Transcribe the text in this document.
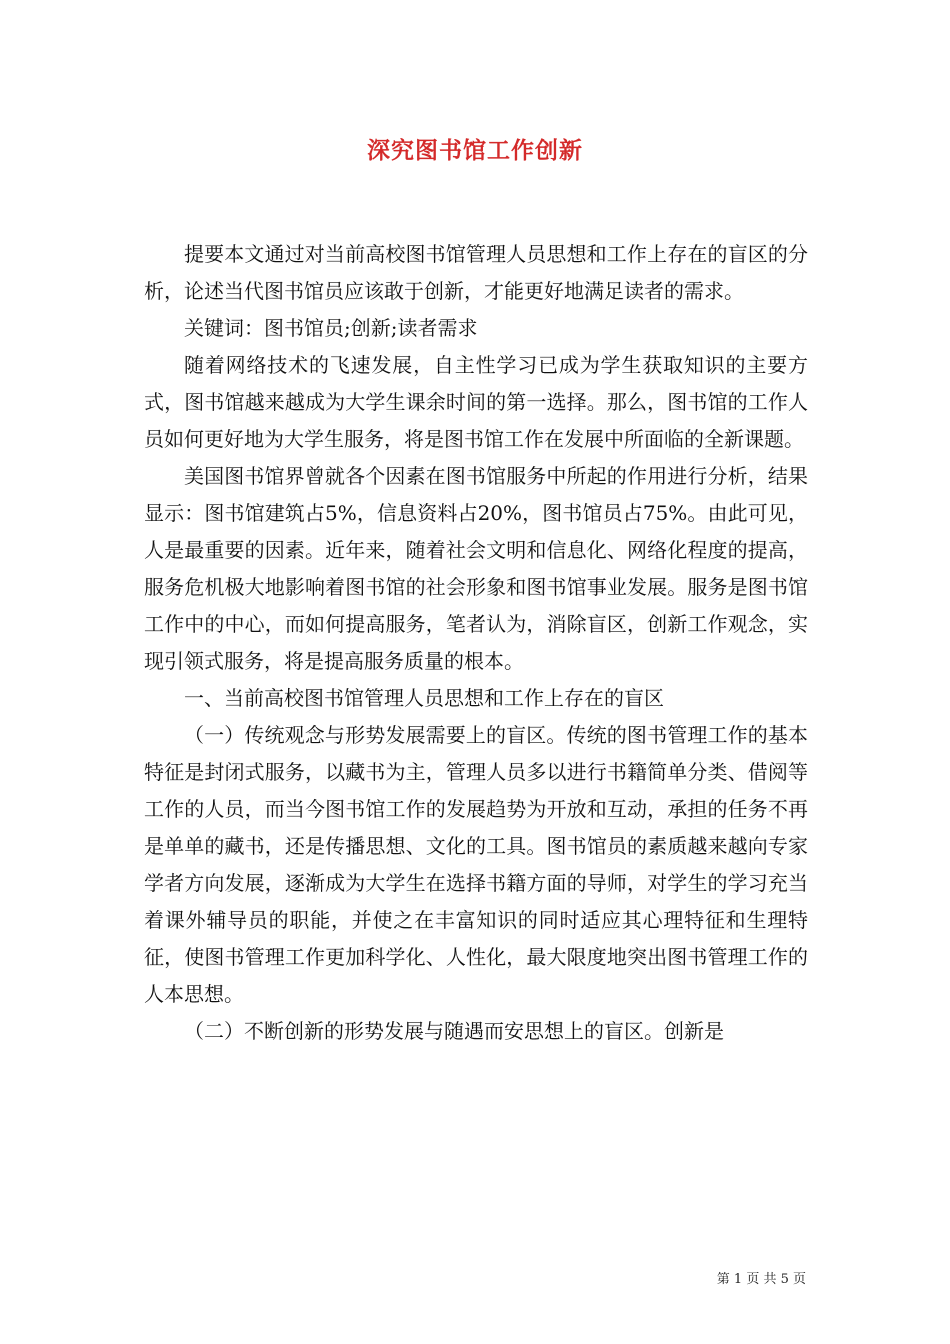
深究图书馆工作创新

提要本文通过对当前高校图书馆管理人员思想和工作上存在的盲区的分析，论述当代图书馆员应该敢于创新，才能更好地满足读者的需求。

关键词：图书馆员;创新;读者需求

随着网络技术的飞速发展，自主性学习已成为学生获取知识的主要方式，图书馆越来越成为大学生课余时间的第一选择。那么，图书馆的工作人员如何更好地为大学生服务，将是图书馆工作在发展中所面临的全新课题。

美国图书馆界曾就各个因素在图书馆服务中所起的作用进行分析，结果显示：图书馆建筑占5%，信息资料占20%，图书馆员占75%。由此可见，人是最重要的因素。近年来，随着社会文明和信息化、网络化程度的提高，服务危机极大地影响着图书馆的社会形象和图书馆事业发展。服务是图书馆工作中的中心，而如何提高服务，笔者认为，消除盲区，创新工作观念，实现引领式服务，将是提高服务质量的根本。

一、当前高校图书馆管理人员思想和工作上存在的盲区

（一）传统观念与形势发展需要上的盲区。传统的图书管理工作的基本特征是封闭式服务，以藏书为主，管理人员多以进行书籍简单分类、借阅等工作的人员，而当今图书馆工作的发展趋势为开放和互动，承担的任务不再是单单的藏书，还是传播思想、文化的工具。图书馆员的素质越来越向专家学者方向发展，逐渐成为大学生在选择书籍方面的导师，对学生的学习充当着课外辅导员的职能，并使之在丰富知识的同时适应其心理特征和生理特征，使图书管理工作更加科学化、人性化，最大限度地突出图书管理工作的人本思想。

（二）不断创新的形势发展与随遇而安思想上的盲区。创新是

第 1 页 共 5 页
